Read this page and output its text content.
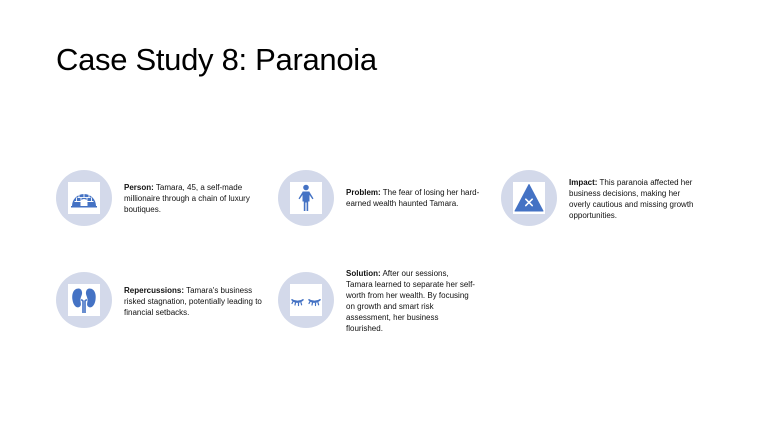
Case Study 8: Paranoia
Person: Tamara, 45, a self-made millionaire through a chain of luxury boutiques.
Problem: The fear of losing her hard-earned wealth haunted Tamara.
Impact: This paranoia affected her business decisions, making her overly cautious and missing growth opportunities.
Repercussions: Tamara's business risked stagnation, potentially leading to financial setbacks.
Solution: After our sessions, Tamara learned to separate her self-worth from her wealth. By focusing on growth and smart risk assessment, her business flourished.
